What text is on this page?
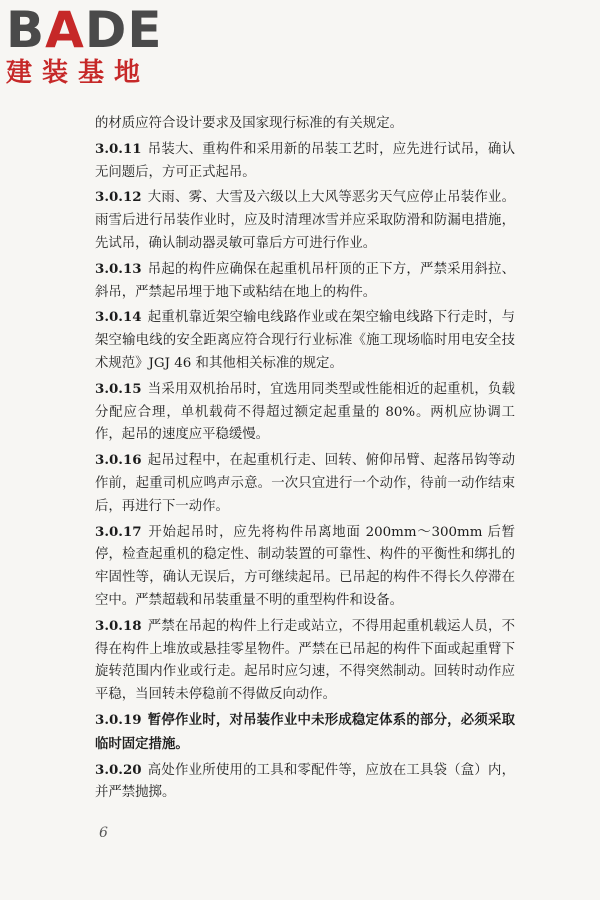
BADE
建装基地

的材质应符合设计要求及国家现行标准的有关规定。

3.0.11 吊装大、重构件和采用新的吊装工艺时，应先进行试吊，确认无问题后，方可正式起吊。

3.0.12 大雨、雾、大雪及六级以上大风等恶劣天气应停止吊装作业。雨雪后进行吊装作业时，应及时清理冰雪并应采取防滑和防漏电措施，先试吊，确认制动器灵敏可靠后方可进行作业。

3.0.13 吊起的构件应确保在起重机吊杆顶的正下方，严禁采用斜拉、斜吊，严禁起吊埋于地下或粘结在地上的构件。

3.0.14 起重机靠近架空输电线路作业或在架空输电线路下行走时，与架空输电线的安全距离应符合现行行业标准《施工现场临时用电安全技术规范》JGJ 46 和其他相关标准的规定。

3.0.15 当采用双机抬吊时，宜选用同类型或性能相近的起重机，负载分配应合理，单机载荷不得超过额定起重量的 80%。两机应协调工作，起吊的速度应平稳缓慢。

3.0.16 起吊过程中，在起重机行走、回转、俯仰吊臂、起落吊钩等动作前，起重司机应鸣声示意。一次只宜进行一个动作，待前一动作结束后，再进行下一动作。

3.0.17 开始起吊时，应先将构件吊离地面 200mm～300mm 后暂停，检查起重机的稳定性、制动装置的可靠性、构件的平衡性和绑扎的牢固性等，确认无误后，方可继续起吊。已吊起的构件不得长久停滞在空中。严禁超载和吊装重量不明的重型构件和设备。

3.0.18 严禁在吊起的构件上行走或站立，不得用起重机载运人员，不得在构件上堆放或悬挂零星物件。严禁在已吊起的构件下面或起重臂下旋转范围内作业或行走。起吊时应匀速，不得突然制动。回转时动作应平稳，当回转未停稳前不得做反向动作。

3.0.19 暂停作业时，对吊装作业中未形成稳定体系的部分，必须采取临时固定措施。

3.0.20 高处作业所使用的工具和零配件等，应放在工具袋（盒）内，并严禁抛掷。

6
